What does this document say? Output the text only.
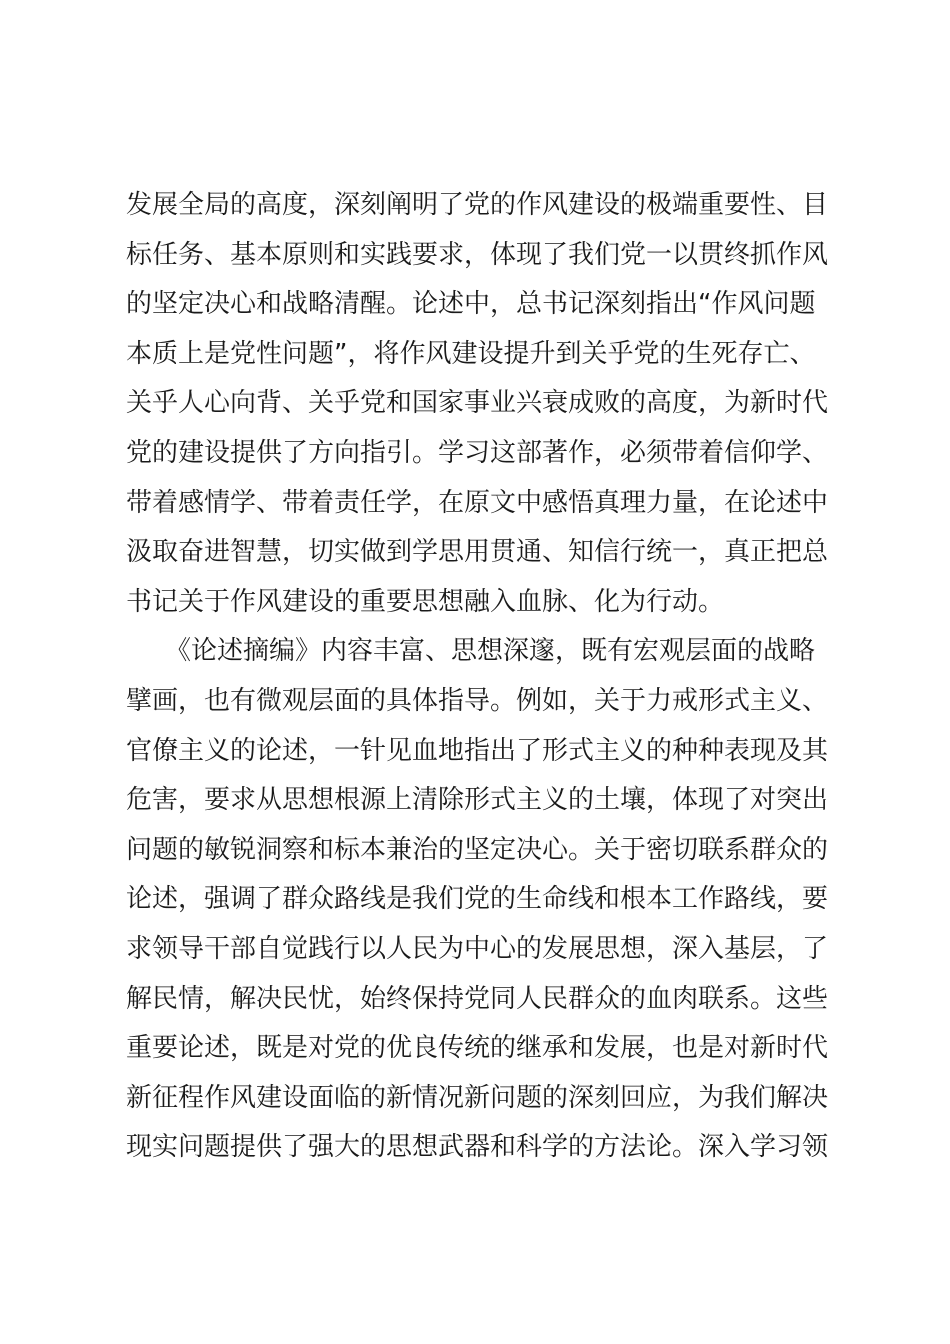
发展全局的高度，深刻阐明了党的作风建设的极端重要性、目
标任务、基本原则和实践要求，体现了我们党一以贯终抓作风
的坚定决心和战略清醒。论述中，总书记深刻指出“作风问题
本质上是党性问题”，将作风建设提升到关乎党的生死存亡、
关乎人心向背、关乎党和国家事业兴衰成败的高度，为新时代
党的建设提供了方向指引。学习这部著作，必须带着信仰学、
带着感情学、带着责任学，在原文中感悟真理力量，在论述中
汲取奋进智慧，切实做到学思用贯通、知信行统一，真正把总
书记关于作风建设的重要思想融入血脉、化为行动。
　　《论述摘编》内容丰富、思想深邃，既有宏观层面的战略
擘画，也有微观层面的具体指导。例如，关于力戒形式主义、
官僚主义的论述，一针见血地指出了形式主义的种种表现及其
危害，要求从思想根源上清除形式主义的土壤，体现了对突出
问题的敏锐洞察和标本兼治的坚定决心。关于密切联系群众的
论述，强调了群众路线是我们党的生命线和根本工作路线，要
求领导干部自觉践行以人民为中心的发展思想，深入基层，了
解民情，解决民忧，始终保持党同人民群众的血肉联系。这些
重要论述，既是对党的优良传统的继承和发展，也是对新时代
新征程作风建设面临的新情况新问题的深刻回应，为我们解决
现实问题提供了强大的思想武器和科学的方法论。深入学习领
